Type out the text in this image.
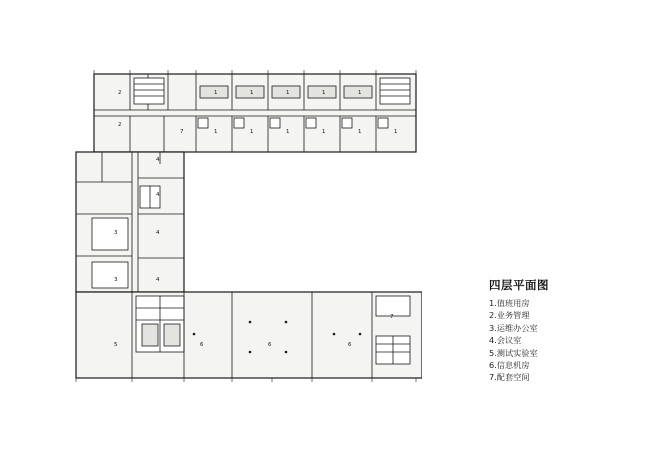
2
2
1	1	1	1	1
7	1	1	1	1	1	1
4
4
3	4
3	4
5	6	6	6
7
四层平面图
1.值班用房
2.业务管理
3.运维办公室
4.会议室
5.测试实验室
6.信息机房
7.配套空间
